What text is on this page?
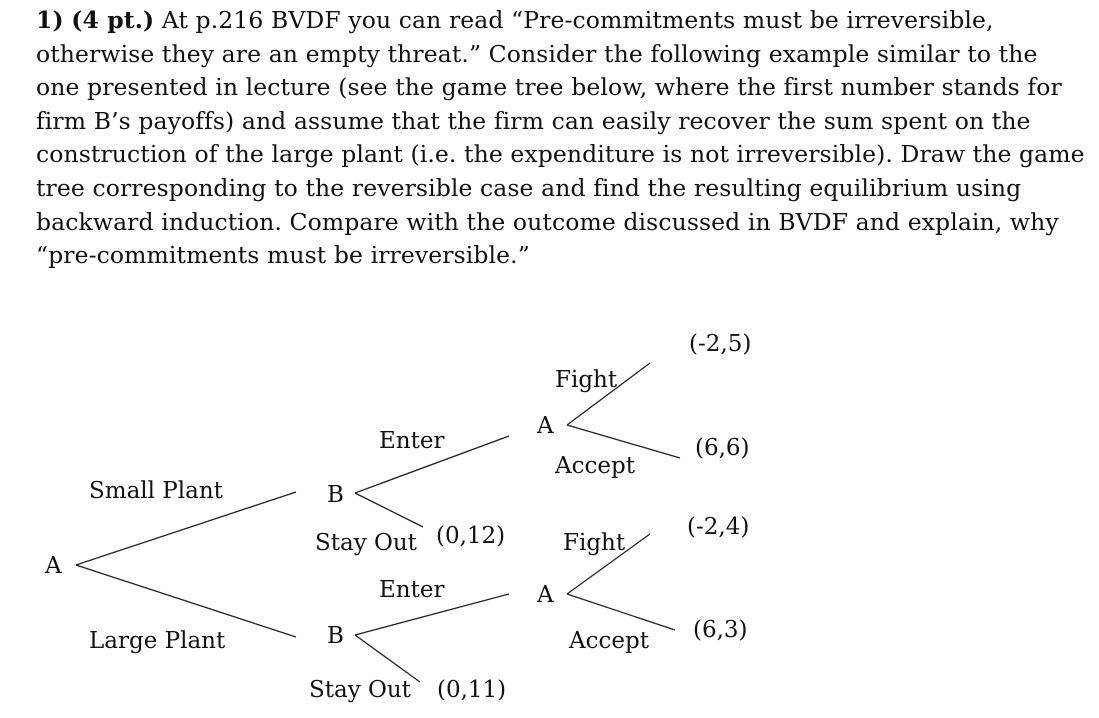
1) (4 pt.) At p.216 BVDF you can read “Pre-commitments must be irreversible, otherwise they are an empty threat.” Consider the following example similar to the one presented in lecture (see the game tree below, where the first number stands for firm B’s payoffs) and assume that the firm can easily recover the sum spent on the construction of the large plant (i.e. the expenditure is not irreversible). Draw the game tree corresponding to the reversible case and find the resulting equilibrium using backward induction. Compare with the outcome discussed in BVDF and explain, why “pre-commitments must be irreversible.”
A
Small Plant
Large Plant
B
Enter
Stay Out (0,12)
A
Fight
Accept
(-2,5)
(6,6)
B
Enter
Stay Out (0,11)
A
Fight
Accept
(-2,4)
(6,3)
